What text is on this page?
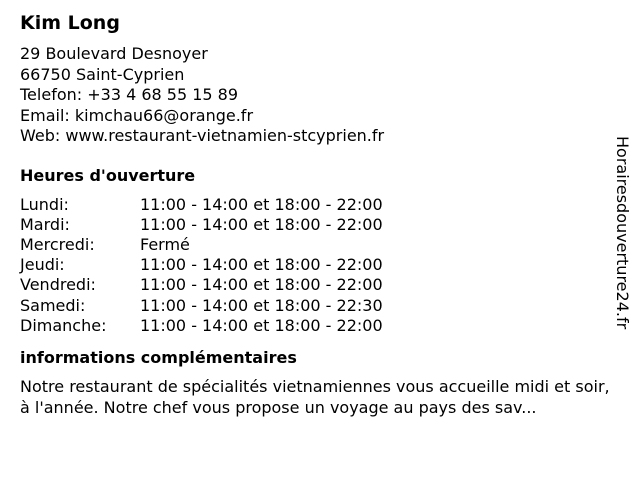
Kim Long
29 Boulevard Desnoyer
66750 Saint-Cyprien
Telefon: +33 4 68 55 15 89
Email: kimchau66@orange.fr
Web: www.restaurant-vietnamien-stcyprien.fr
Heures d'ouverture
Lundi:	11:00 - 14:00 et 18:00 - 22:00
Mardi:	11:00 - 14:00 et 18:00 - 22:00
Mercredi:	Fermé
Jeudi:	11:00 - 14:00 et 18:00 - 22:00
Vendredi:	11:00 - 14:00 et 18:00 - 22:00
Samedi:	11:00 - 14:00 et 18:00 - 22:30
Dimanche:	11:00 - 14:00 et 18:00 - 22:00
informations complémentaires
Notre restaurant de spécialités vietnamiennes vous accueille midi et soir, à l'année. Notre chef vous propose un voyage au pays des sav...
Horairesdouverture24.fr
